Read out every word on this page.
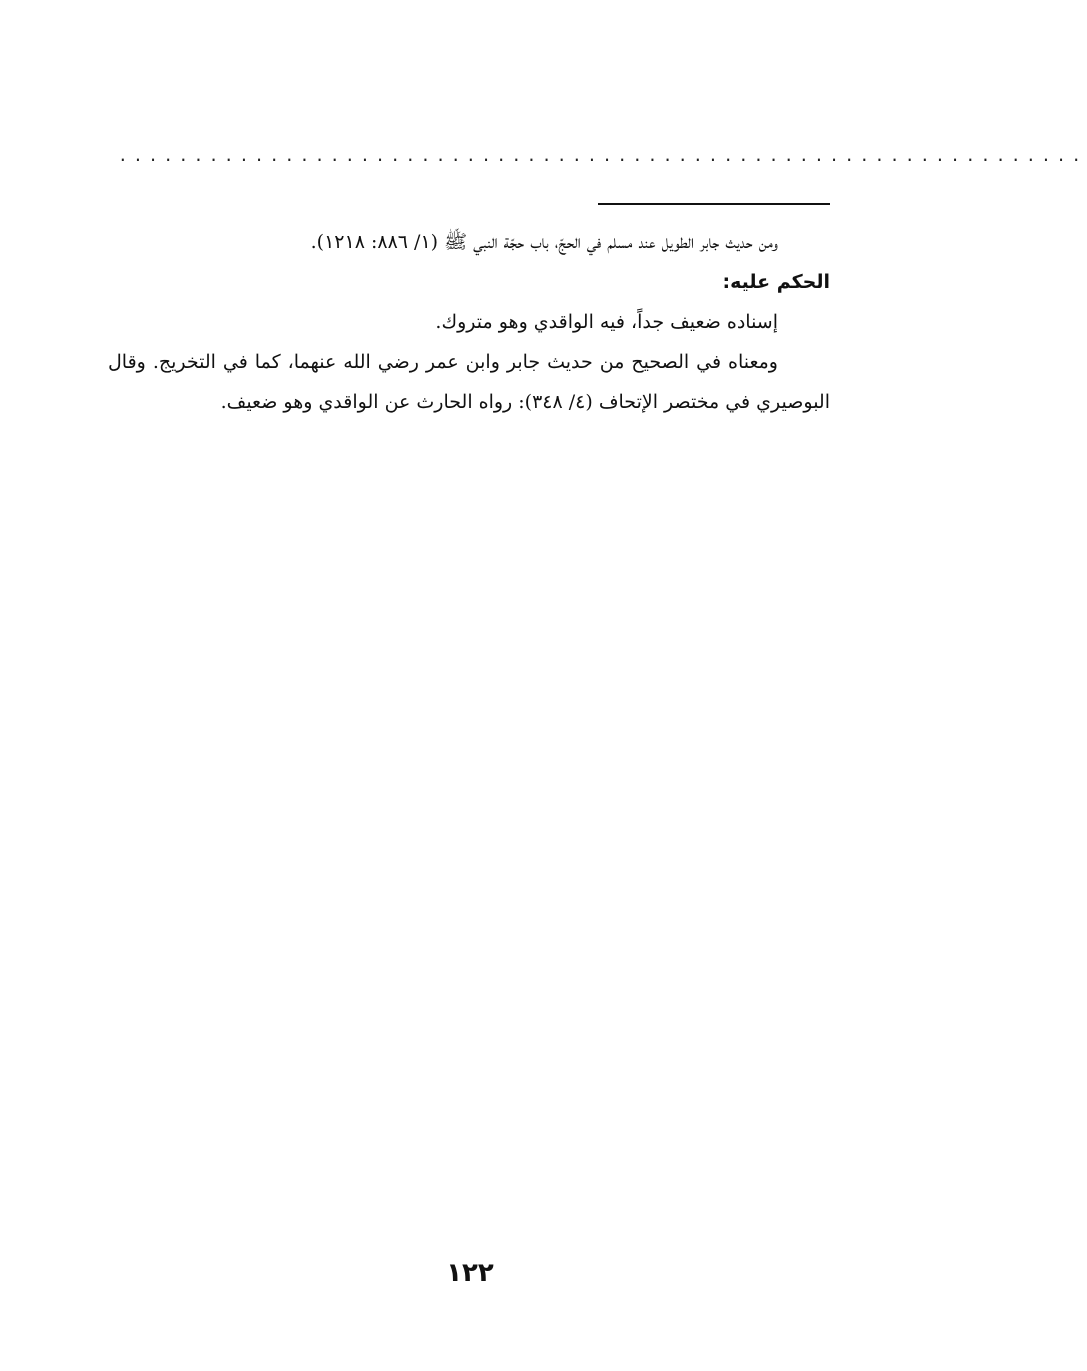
................................................................

ومن حديث جابر الطويل عند مسلم في الحجّ، باب حجّة النبي ﷺ (١/ ٨٨٦: ١٢١٨).

الحكم عليه:

إسناده ضعيف جداً، فيه الواقدي وهو متروك.

ومعناه في الصحيح من حديث جابر وابن عمر رضي الله عنهما، كما في التخريج. وقال البوصيري في مختصر الإتحاف (٤/ ٣٤٨): رواه الحارث عن الواقدي وهو ضعيف.

١٢٢
